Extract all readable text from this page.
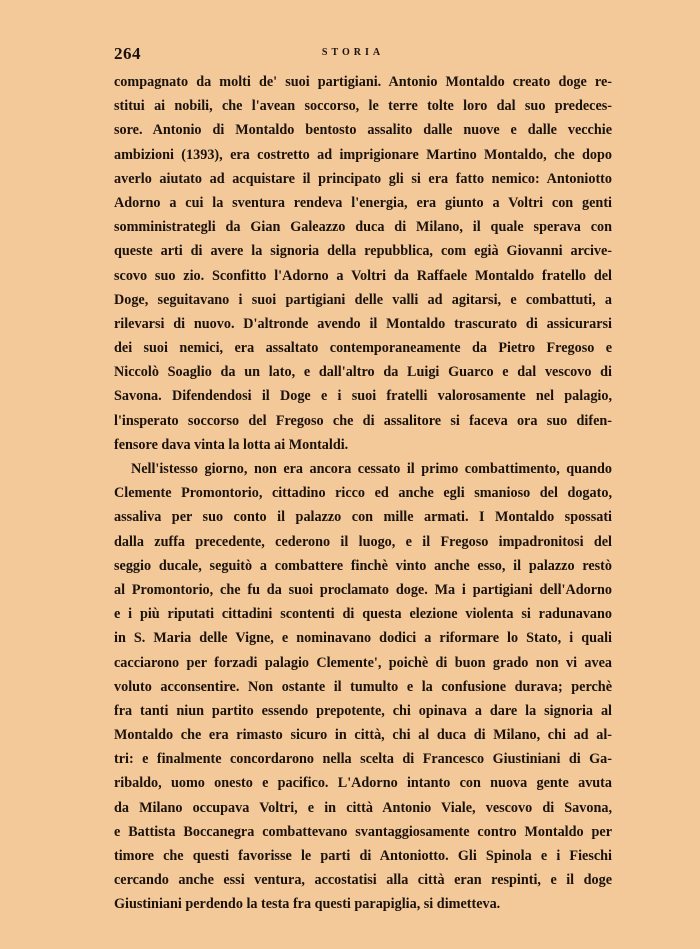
264	STORIA
compagnato da molti de' suoi partigiani. Antonio Montaldo creato doge re-
stitui ai nobili, che l'avean soccorso, le terre tolte loro dal suo predeces-
sore. Antonio di Montaldo bentosto assalito dalle nuove e dalle vecchie
ambizioni (1393), era costretto ad imprigionare Martino Montaldo, che dopo
averlo aiutato ad acquistare il principato gli si era fatto nemico: Antoniotto
Adorno a cui la sventura rendeva l'energia, era giunto a Voltri con genti
somministrategli da Gian Galeazzo duca di Milano, il quale sperava con
queste arti di avere la signoria della repubblica, com egià Giovanni arcive-
scovo suo zio. Sconfitto l'Adorno a Voltri da Raffaele Montaldo fratello del
Doge, seguitavano i suoi partigiani delle valli ad agitarsi, e combattuti, a
rilevarsi di nuovo. D'altronde avendo il Montaldo trascurato di assicurarsi
dei suoi nemici, era assaltato contemporaneamente da Pietro Fregoso e
Niccolò Soaglio da un lato, e dall'altro da Luigi Guarco e dal vescovo di
Savona. Difendendosi il Doge e i suoi fratelli valorosamente nel palagio,
l'insperato soccorso del Fregoso che di assalitore si faceva ora suo difen-
fensore dava vinta la lotta ai Montaldi.
Nell'istesso giorno, non era ancora cessato il primo combattimento, quando
Clemente Promontorio, cittadino ricco ed anche egli smanioso del dogato,
assaliva per suo conto il palazzo con mille armati. I Montaldo spossati
dalla zuffa precedente, cederono il luogo, e il Fregoso impadronitosi del
seggio ducale, seguitò a combattere finchè vinto anche esso, il palazzo restò
al Promontorio, che fu da suoi proclamato doge. Ma i partigiani dell'Adorno
e i più riputati cittadini scontenti di questa elezione violenta si radunavano
in S. Maria delle Vigne, e nominavano dodici a riformare lo Stato, i quali
cacciarono per forzadi palagio Clemente', poichè di buon grado non vi avea
voluto acconsentire. Non ostante il tumulto e la confusione durava; perchè
fra tanti niun partito essendo prepotente, chi opinava a dare la signoria al
Montaldo che era rimasto sicuro in città, chi al duca di Milano, chi ad al-
tri: e finalmente concordarono nella scelta di Francesco Giustiniani di Ga-
ribaldo, uomo onesto e pacifico. L'Adorno intanto con nuova gente avuta
da Milano occupava Voltri, e in città Antonio Viale, vescovo di Savona,
e Battista Boccanegra combattevano svantaggiosamente contro Montaldo per
timore che questi favorisse le parti di Antoniotto. Gli Spinola e i Fieschi
cercando anche essi ventura, accostatisi alla città eran respinti, e il doge
Giustiniani perdendo la testa fra questi parapiglia, si dimetteva.
